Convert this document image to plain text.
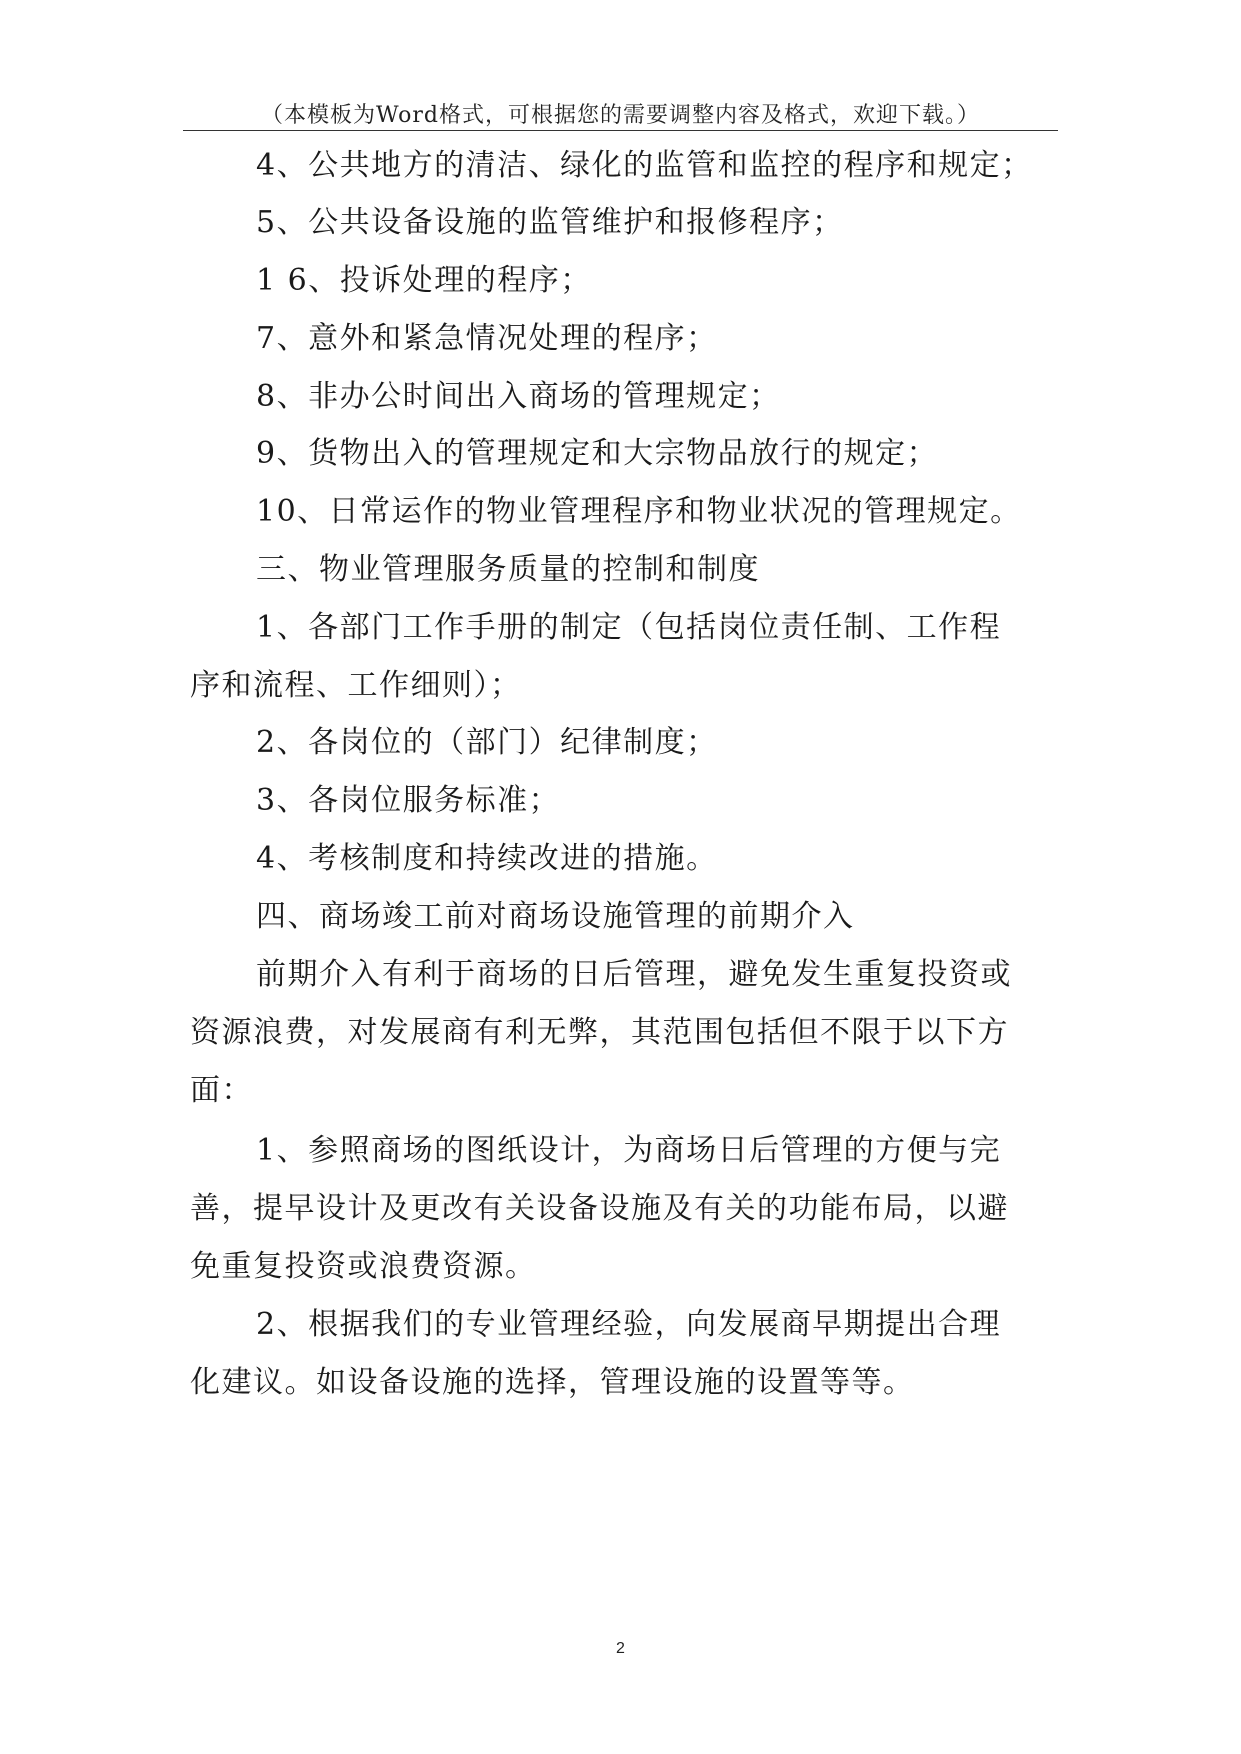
（本模板为Word格式，可根据您的需要调整内容及格式，欢迎下载。）
4、公共地方的清洁、绿化的监管和监控的程序和规定；
5、公共设备设施的监管维护和报修程序；
1 6、投诉处理的程序；
7、意外和紧急情况处理的程序；
8、非办公时间出入商场的管理规定；
9、货物出入的管理规定和大宗物品放行的规定；
10、日常运作的物业管理程序和物业状况的管理规定。
三、物业管理服务质量的控制和制度
1、各部门工作手册的制定（包括岗位责任制、工作程
序和流程、工作细则）；
2、各岗位的（部门）纪律制度；
3、各岗位服务标准；
4、考核制度和持续改进的措施。
四、商场竣工前对商场设施管理的前期介入
前期介入有利于商场的日后管理，避免发生重复投资或
资源浪费，对发展商有利无弊，其范围包括但不限于以下方
面：
1、参照商场的图纸设计，为商场日后管理的方便与完
善，提早设计及更改有关设备设施及有关的功能布局，以避
免重复投资或浪费资源。
2、根据我们的专业管理经验，向发展商早期提出合理
化建议。如设备设施的选择，管理设施的设置等等。
2
